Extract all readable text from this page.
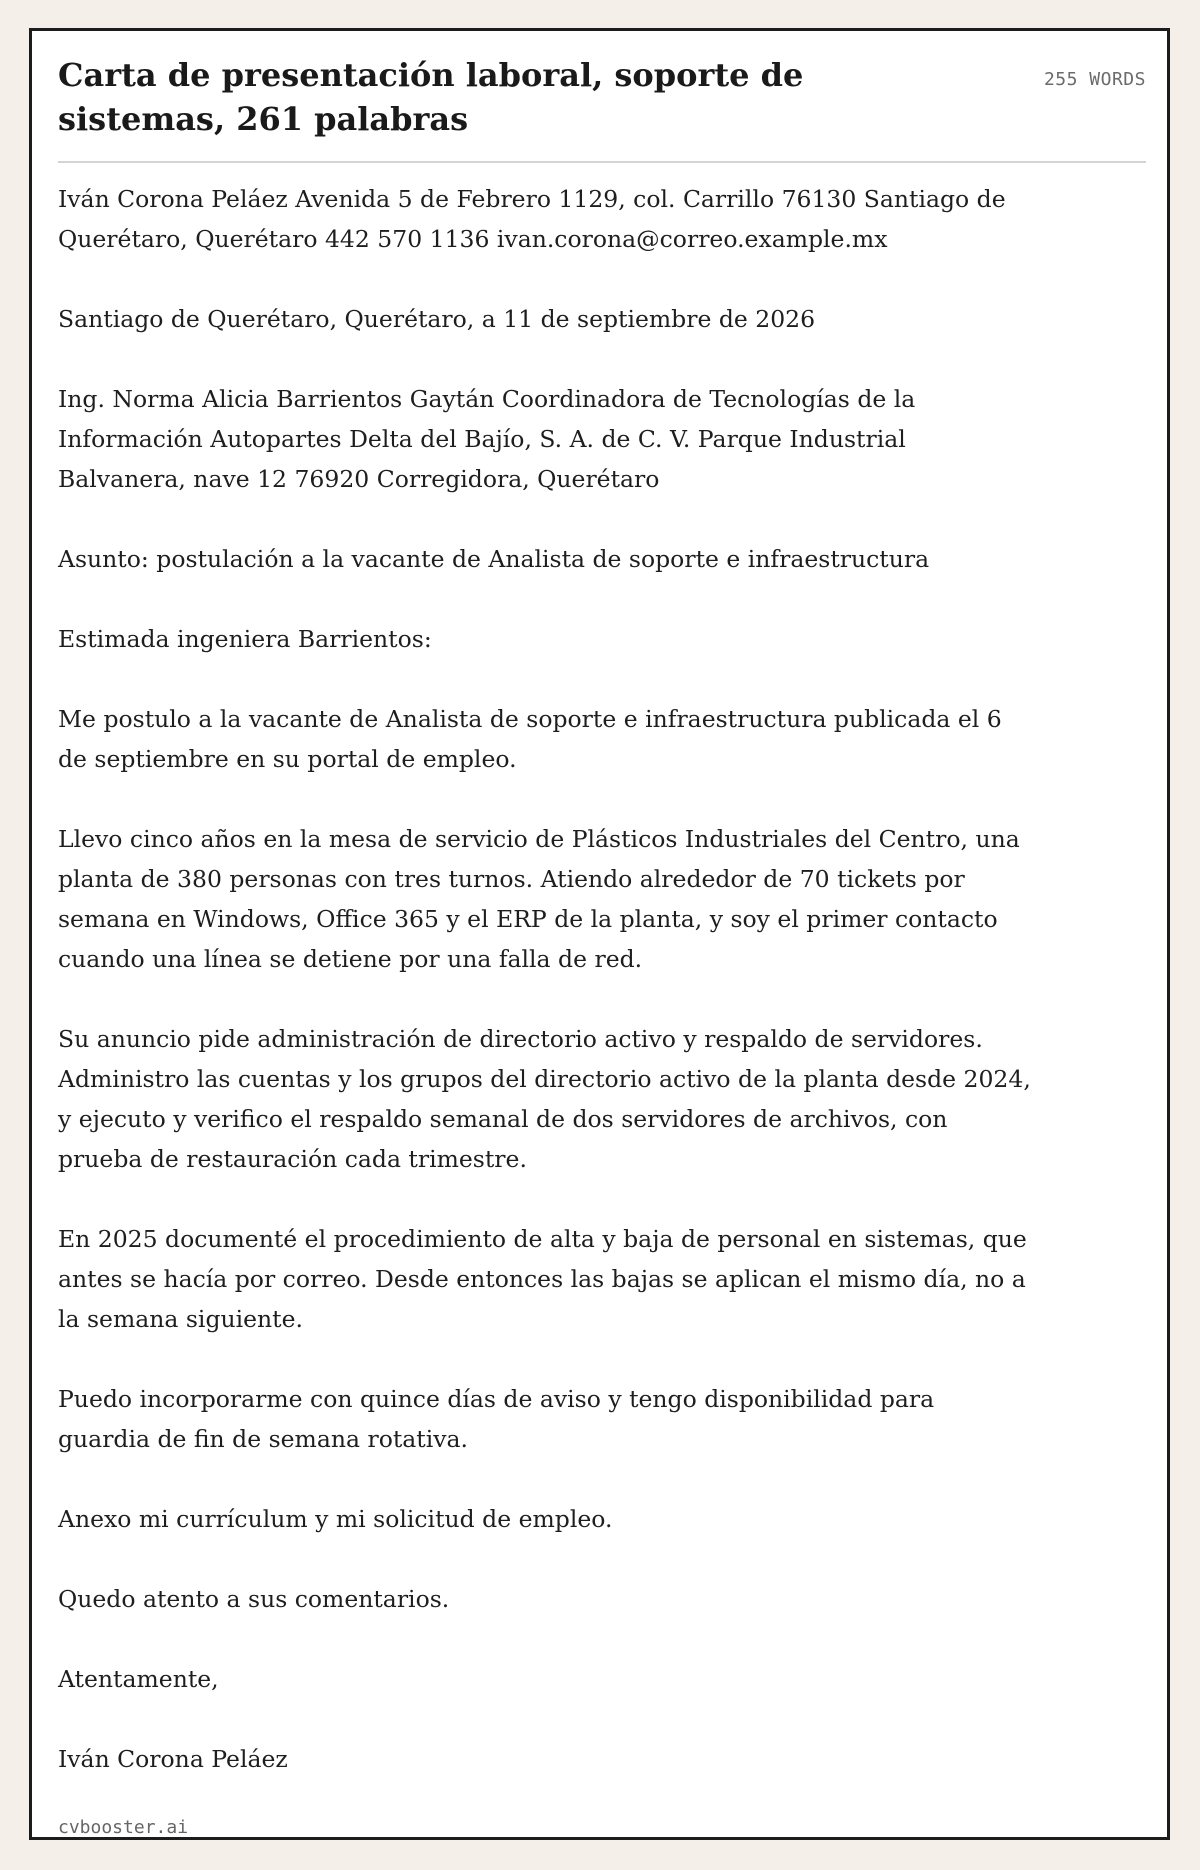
Carta de presentación laboral, soporte de sistemas, 261 palabras
255 WORDS

Iván Corona Peláez Avenida 5 de Febrero 1129, col. Carrillo 76130 Santiago de Querétaro, Querétaro 442 570 1136 ivan.corona@correo.example.mx

Santiago de Querétaro, Querétaro, a 11 de septiembre de 2026

Ing. Norma Alicia Barrientos Gaytán Coordinadora de Tecnologías de la Información Autopartes Delta del Bajío, S. A. de C. V. Parque Industrial Balvanera, nave 12 76920 Corregidora, Querétaro

Asunto: postulación a la vacante de Analista de soporte e infraestructura

Estimada ingeniera Barrientos:

Me postulo a la vacante de Analista de soporte e infraestructura publicada el 6 de septiembre en su portal de empleo.

Llevo cinco años en la mesa de servicio de Plásticos Industriales del Centro, una planta de 380 personas con tres turnos. Atiendo alrededor de 70 tickets por semana en Windows, Office 365 y el ERP de la planta, y soy el primer contacto cuando una línea se detiene por una falla de red.

Su anuncio pide administración de directorio activo y respaldo de servidores. Administro las cuentas y los grupos del directorio activo de la planta desde 2024, y ejecuto y verifico el respaldo semanal de dos servidores de archivos, con prueba de restauración cada trimestre.

En 2025 documenté el procedimiento de alta y baja de personal en sistemas, que antes se hacía por correo. Desde entonces las bajas se aplican el mismo día, no a la semana siguiente.

Puedo incorporarme con quince días de aviso y tengo disponibilidad para guardia de fin de semana rotativa.

Anexo mi currículum y mi solicitud de empleo.

Quedo atento a sus comentarios.

Atentamente,

Iván Corona Peláez

cvbooster.ai
